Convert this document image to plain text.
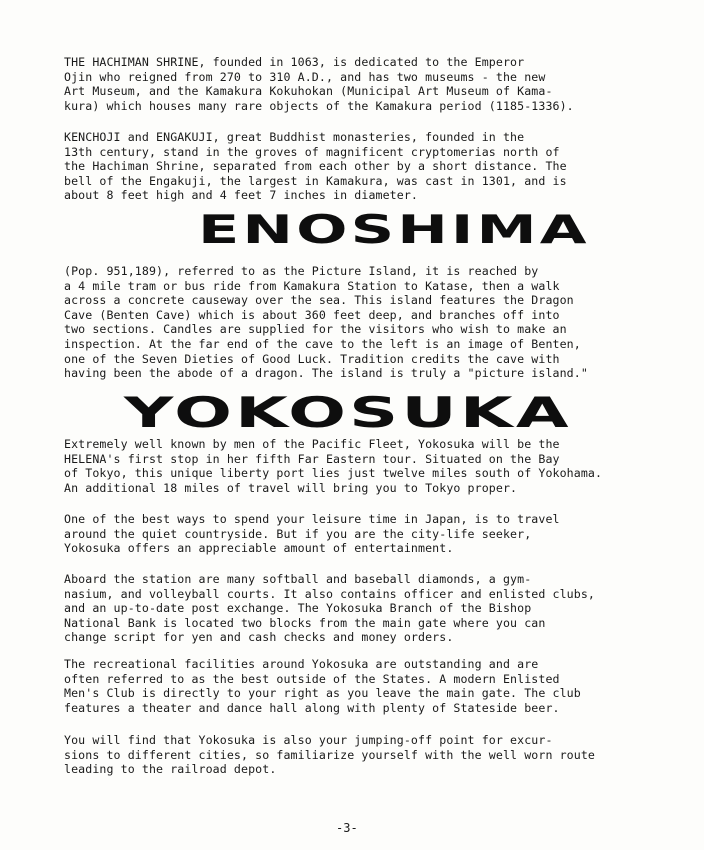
THE HACHIMAN SHRINE, founded in 1063, is dedicated to the Emperor
Ojin who reigned from 270 to 310 A.D., and has two museums - the new
Art Museum, and the Kamakura Kokuhokan (Municipal Art Museum of Kama-
kura) which houses many rare objects of the Kamakura period (1185-1336).
KENCHOJI and ENGAKUJI, great Buddhist monasteries, founded in the
13th century, stand in the groves of magnificent cryptomerias north of
the Hachiman Shrine, separated from each other by a short distance. The
bell of the Engakuji, the largest in Kamakura, was cast in 1301, and is
about 8 feet high and 4 feet 7 inches in diameter.
ENOSHIMA
(Pop. 951,189), referred to as the Picture Island, it is reached by
a 4 mile tram or bus ride from Kamakura Station to Katase, then a walk
across a concrete causeway over the sea. This island features the Dragon
Cave (Benten Cave) which is about 360 feet deep, and branches off into
two sections. Candles are supplied for the visitors who wish to make an
inspection. At the far end of the cave to the left is an image of Benten,
one of the Seven Dieties of Good Luck. Tradition credits the cave with
having been the abode of a dragon. The island is truly a "picture island."
YOKOSUKA
Extremely well known by men of the Pacific Fleet, Yokosuka will be the
HELENA's first stop in her fifth Far Eastern tour. Situated on the Bay
of Tokyo, this unique liberty port lies just twelve miles south of Yokohama.
An additional 18 miles of travel will bring you to Tokyo proper.
One of the best ways to spend your leisure time in Japan, is to travel
around the quiet countryside. But if you are the city-life seeker,
Yokosuka offers an appreciable amount of entertainment.
Aboard the station are many softball and baseball diamonds, a gym-
nasium, and volleyball courts. It also contains officer and enlisted clubs,
and an up-to-date post exchange. The Yokosuka Branch of the Bishop
National Bank is located two blocks from the main gate where you can
change script for yen and cash checks and money orders.
The recreational facilities around Yokosuka are outstanding and are
often referred to as the best outside of the States. A modern Enlisted
Men's Club is directly to your right as you leave the main gate. The club
features a theater and dance hall along with plenty of Stateside beer.
You will find that Yokosuka is also your jumping-off point for excur-
sions to different cities, so familiarize yourself with the well worn route
leading to the railroad depot.
-3-
